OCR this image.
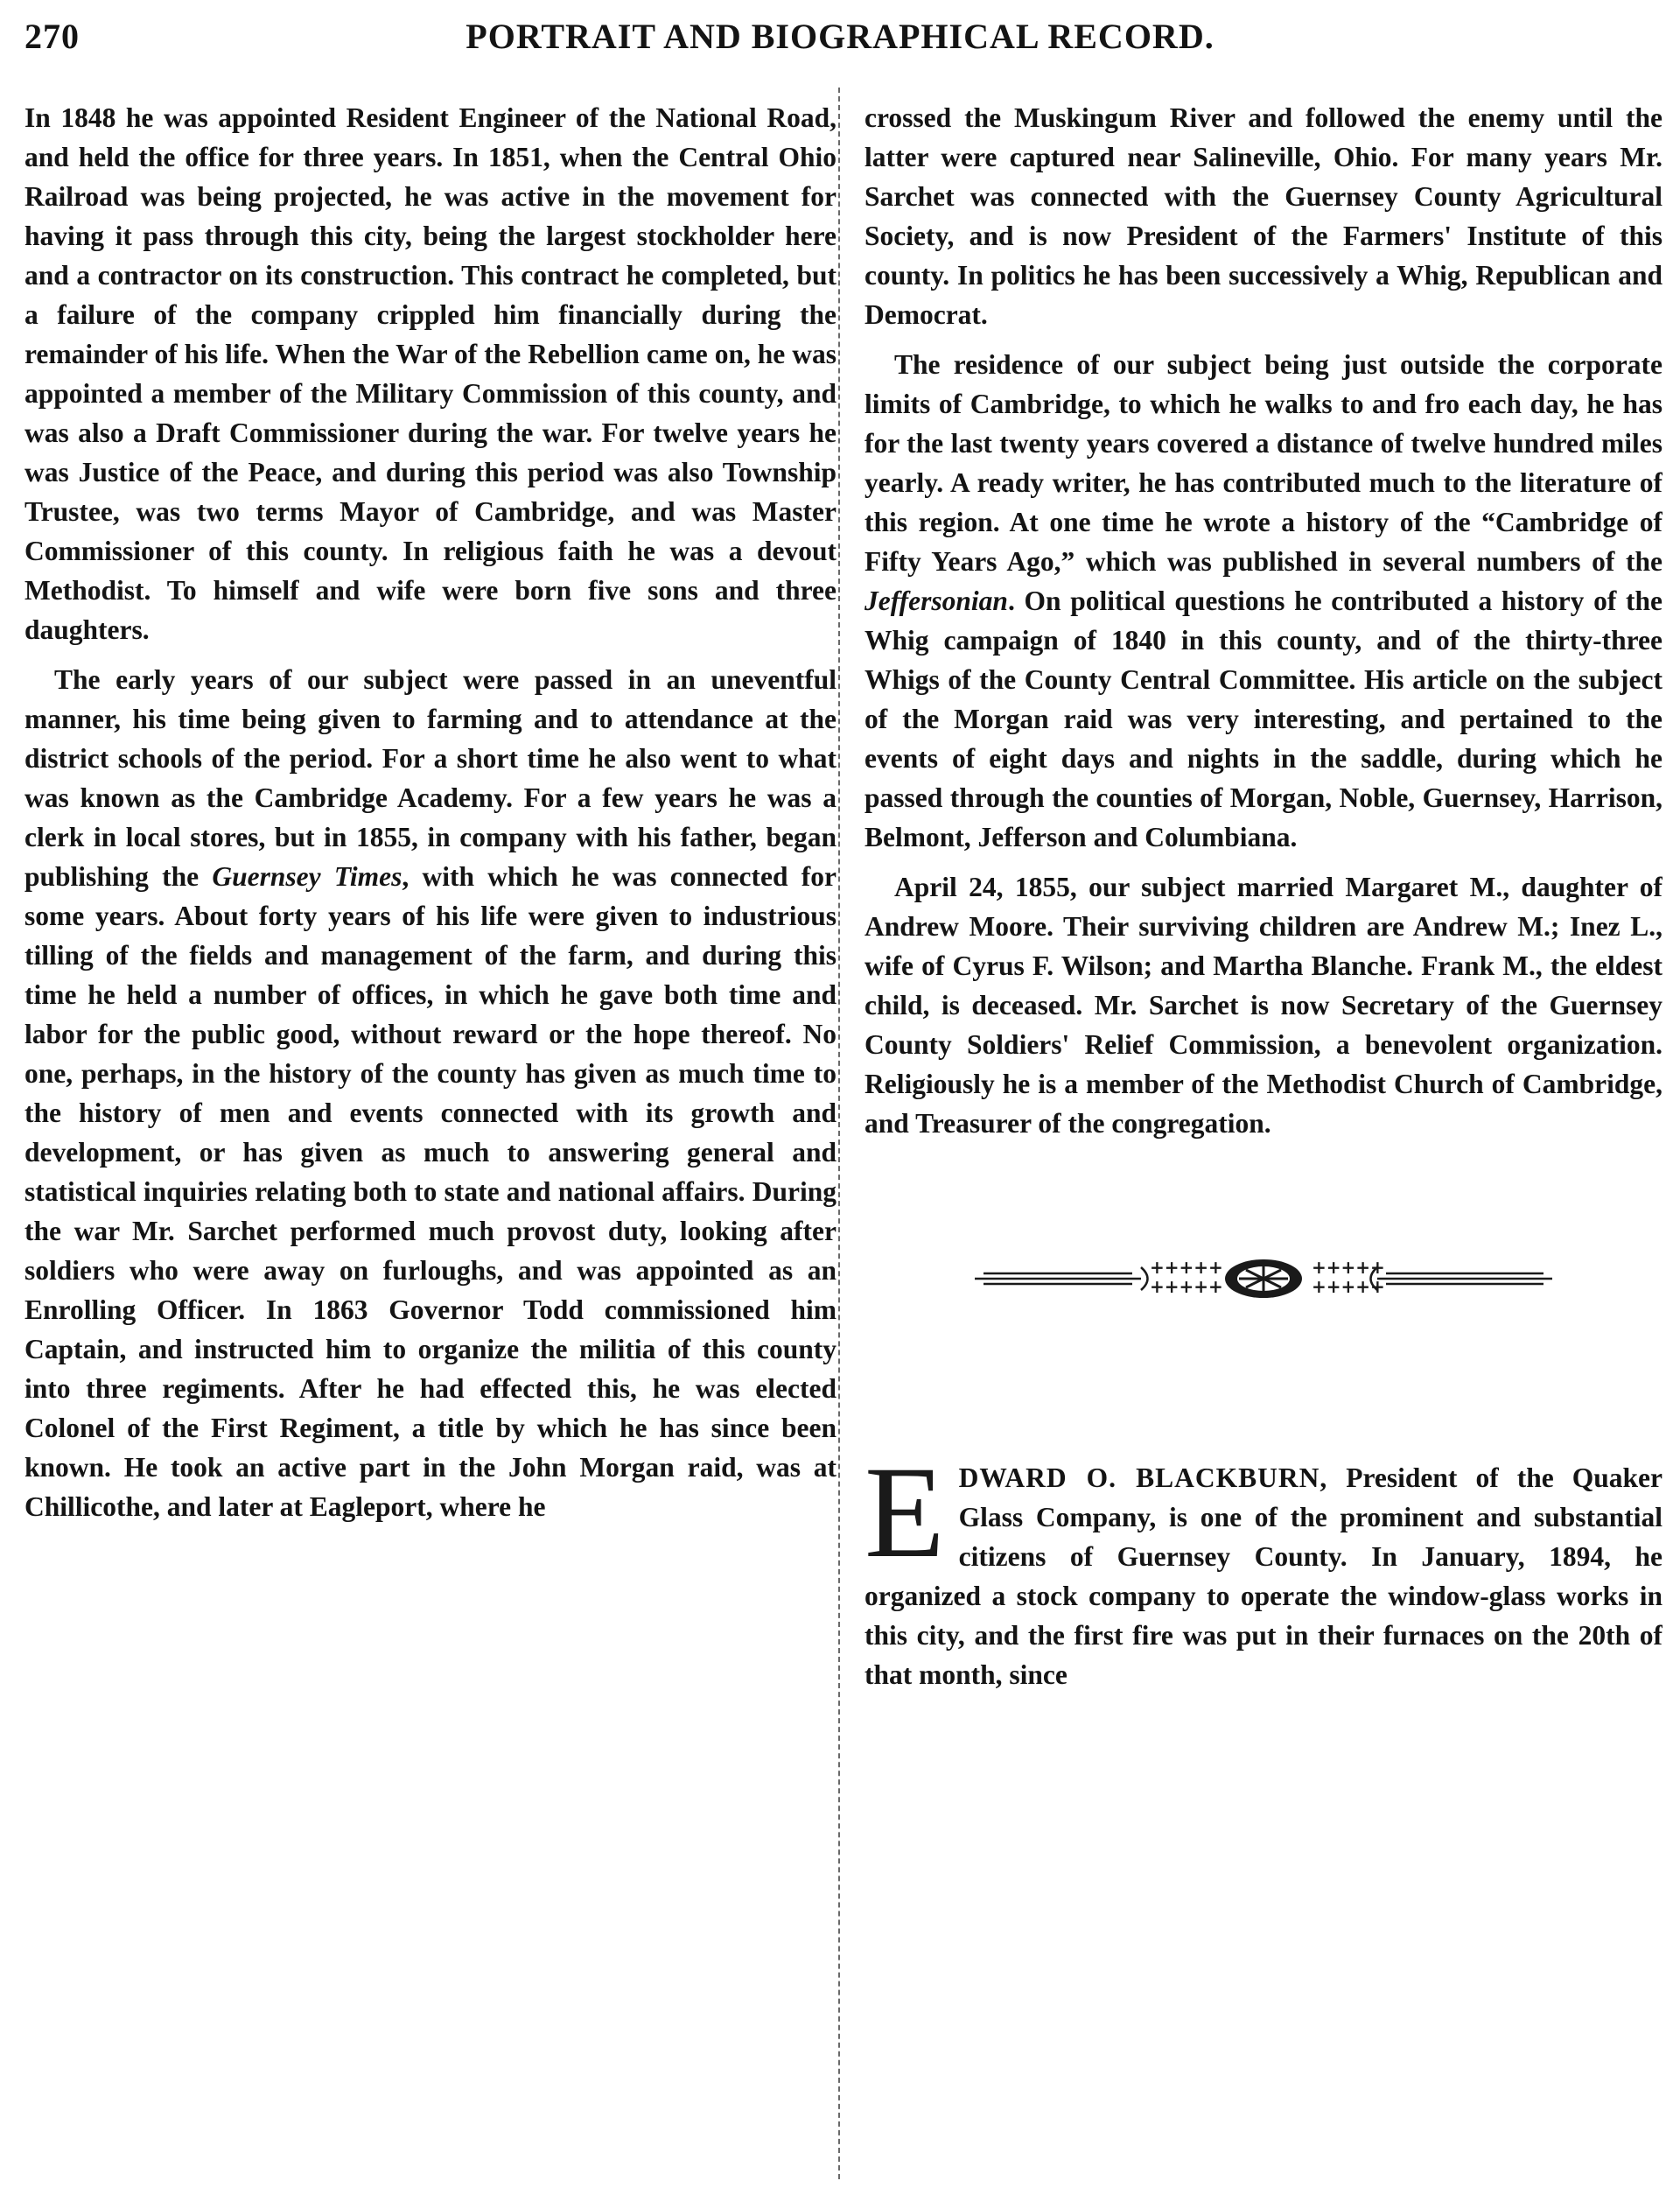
270	PORTRAIT AND BIOGRAPHICAL RECORD.

In 1848 he was appointed Resident Engineer of the National Road, and held the office for three years. In 1851, when the Central Ohio Railroad was being projected, he was active in the movement for having it pass through this city, being the largest stockholder here and a contractor on its construction. This contract he completed, but a failure of the company crippled him financially during the remainder of his life. When the War of the Rebellion came on, he was appointed a member of the Military Commission of this county, and was also a Draft Commissioner during the war. For twelve years he was Justice of the Peace, and during this period was also Township Trustee, was two terms Mayor of Cambridge, and was Master Commissioner of this county. In religious faith he was a devout Methodist. To himself and wife were born five sons and three daughters.

The early years of our subject were passed in an uneventful manner, his time being given to farming and to attendance at the district schools of the period. For a short time he also went to what was known as the Cambridge Academy. For a few years he was a clerk in local stores, but in 1855, in company with his father, began publishing the Guernsey Times, with which he was connected for some years. About forty years of his life were given to industrious tilling of the fields and management of the farm, and during this time he held a number of offices, in which he gave both time and labor for the public good, without reward or the hope thereof. No one, perhaps, in the history of the county has given as much time to the history of men and events connected with its growth and development, or has given as much to answering general and statistical inquiries relating both to state and national affairs. During the war Mr. Sarchet performed much provost duty, looking after soldiers who were away on furloughs, and was appointed as an Enrolling Officer. In 1863 Governor Todd commissioned him Captain, and instructed him to organize the militia of this county into three regiments. After he had effected this, he was elected Colonel of the First Regiment, a title by which he has since been known. He took an active part in the John Morgan raid, was at Chillicothe, and later at Eagleport, where he

crossed the Muskingum River and followed the enemy until the latter were captured near Salineville, Ohio. For many years Mr. Sarchet was connected with the Guernsey County Agricultural Society, and is now President of the Farmers' Institute of this county. In politics he has been successively a Whig, Republican and Democrat.

The residence of our subject being just outside the corporate limits of Cambridge, to which he walks to and fro each day, he has for the last twenty years covered a distance of twelve hundred miles yearly. A ready writer, he has contributed much to the literature of this region. At one time he wrote a history of the “Cambridge of Fifty Years Ago,” which was published in several numbers of the Jeffersonian. On political questions he contributed a history of the Whig campaign of 1840 in this county, and of the thirty-three Whigs of the County Central Committee. His article on the subject of the Morgan raid was very interesting, and pertained to the events of eight days and nights in the saddle, during which he passed through the counties of Morgan, Noble, Guernsey, Harrison, Belmont, Jefferson and Columbiana.

April 24, 1855, our subject married Margaret M., daughter of Andrew Moore. Their surviving children are Andrew M.; Inez L., wife of Cyrus F. Wilson; and Martha Blanche. Frank M., the eldest child, is deceased. Mr. Sarchet is now Secretary of the Guernsey County Soldiers' Relief Commission, a benevolent organization. Religiously he is a member of the Methodist Church of Cambridge, and Treasurer of the congregation.

+++++
+++++
+++++
+++++

EDWARD O. BLACKBURN, President of the Quaker Glass Company, is one of the prominent and substantial citizens of Guernsey County. In January, 1894, he organized a stock company to operate the window-glass works in this city, and the first fire was put in their furnaces on the 20th of that month, since
